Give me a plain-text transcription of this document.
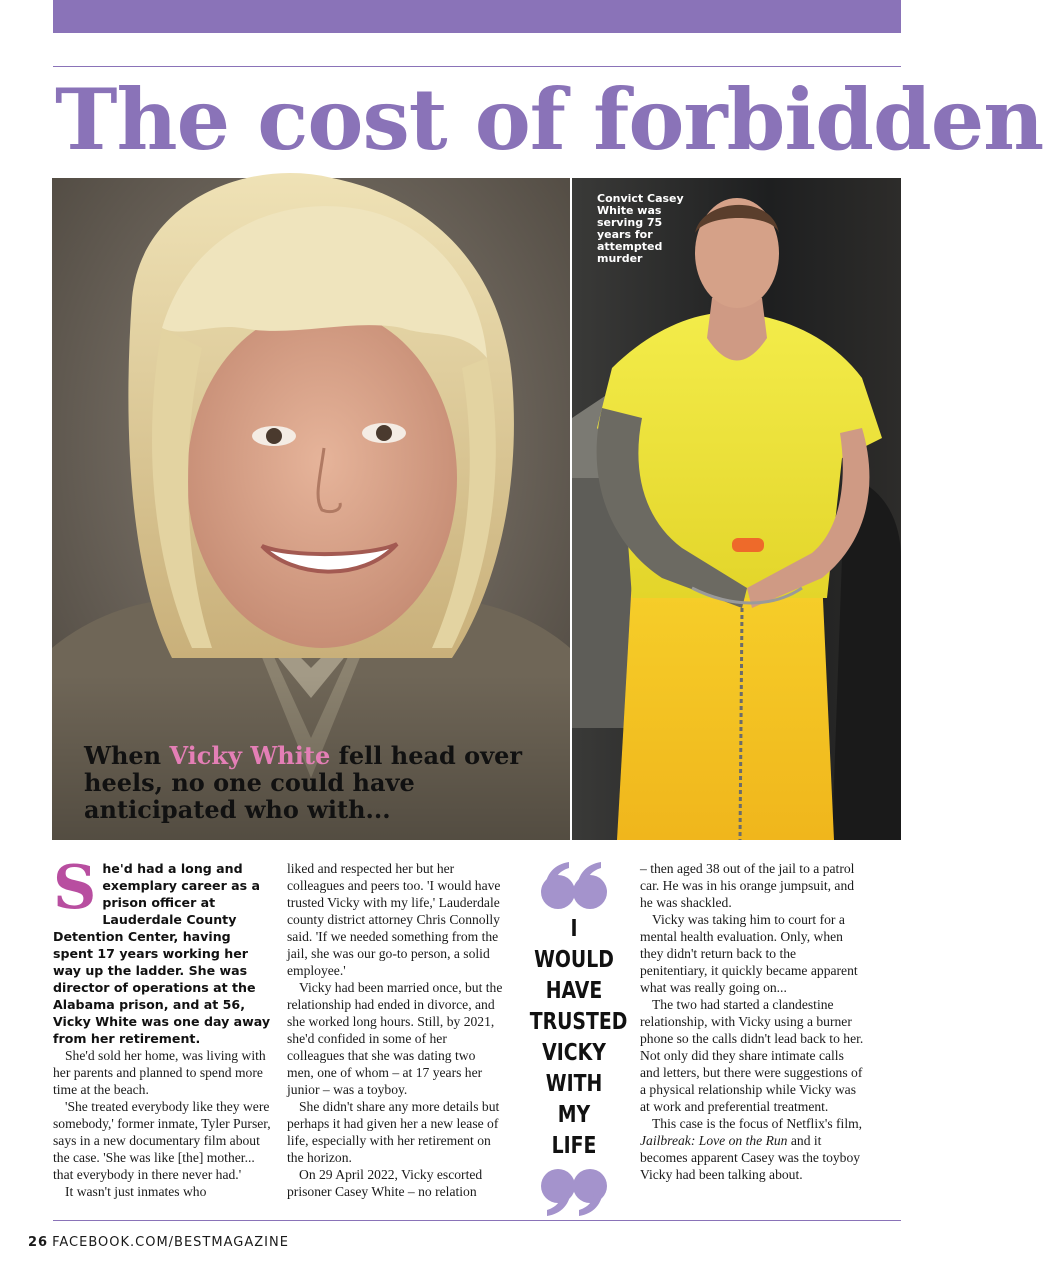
The cost of forbidden
When Vicky White fell head over heels, no one could have anticipated who with...
Convict Casey White was serving 75 years for attempted murder
S he'd had a long and exemplary career as a prison officer at Lauderdale County Detention Center, having spent 17 years working her way up the ladder. She was director of operations at the Alabama prison, and at 56, Vicky White was one day away from her retirement.

She'd sold her home, was living with her parents and planned to spend more time at the beach.

'She treated everybody like they were somebody,' former inmate, Tyler Purser, says in a new documentary film about the case. 'She was like [the] mother... that everybody in there never had.'

It wasn't just inmates who

liked and respected her but her colleagues and peers too. 'I would have trusted Vicky with my life,' Lauderdale county district attorney Chris Connolly said. 'If we needed something from the jail, she was our go-to person, a solid employee.'

Vicky had been married once, but the relationship had ended in divorce, and she worked long hours. Still, by 2021, she'd confided in some of her colleagues that she was dating two men, one of whom – at 17 years her junior – was a toyboy.

She didn't share any more details but perhaps it had given her a new lease of life, especially with her retirement on the horizon.

On 29 April 2022, Vicky escorted prisoner Casey White – no relation

I WOULD
HAVE
TRUSTED
VICKY
WITH
MY
LIFE

– then aged 38 out of the jail to a patrol car. He was in his orange jumpsuit, and he was shackled.

Vicky was taking him to court for a mental health evaluation. Only, when they didn't return back to the penitentiary, it quickly became apparent what was really going on...

The two had started a clandestine relationship, with Vicky using a burner phone so the calls didn't lead back to her. Not only did they share intimate calls and letters, but there were suggestions of a physical relationship while Vicky was at work and preferential treatment.

This case is the focus of Netflix's film, Jailbreak: Love on the Run and it becomes apparent Casey was the toyboy Vicky had been talking about.

26 FACEBOOK.COM/BESTMAGAZINE
